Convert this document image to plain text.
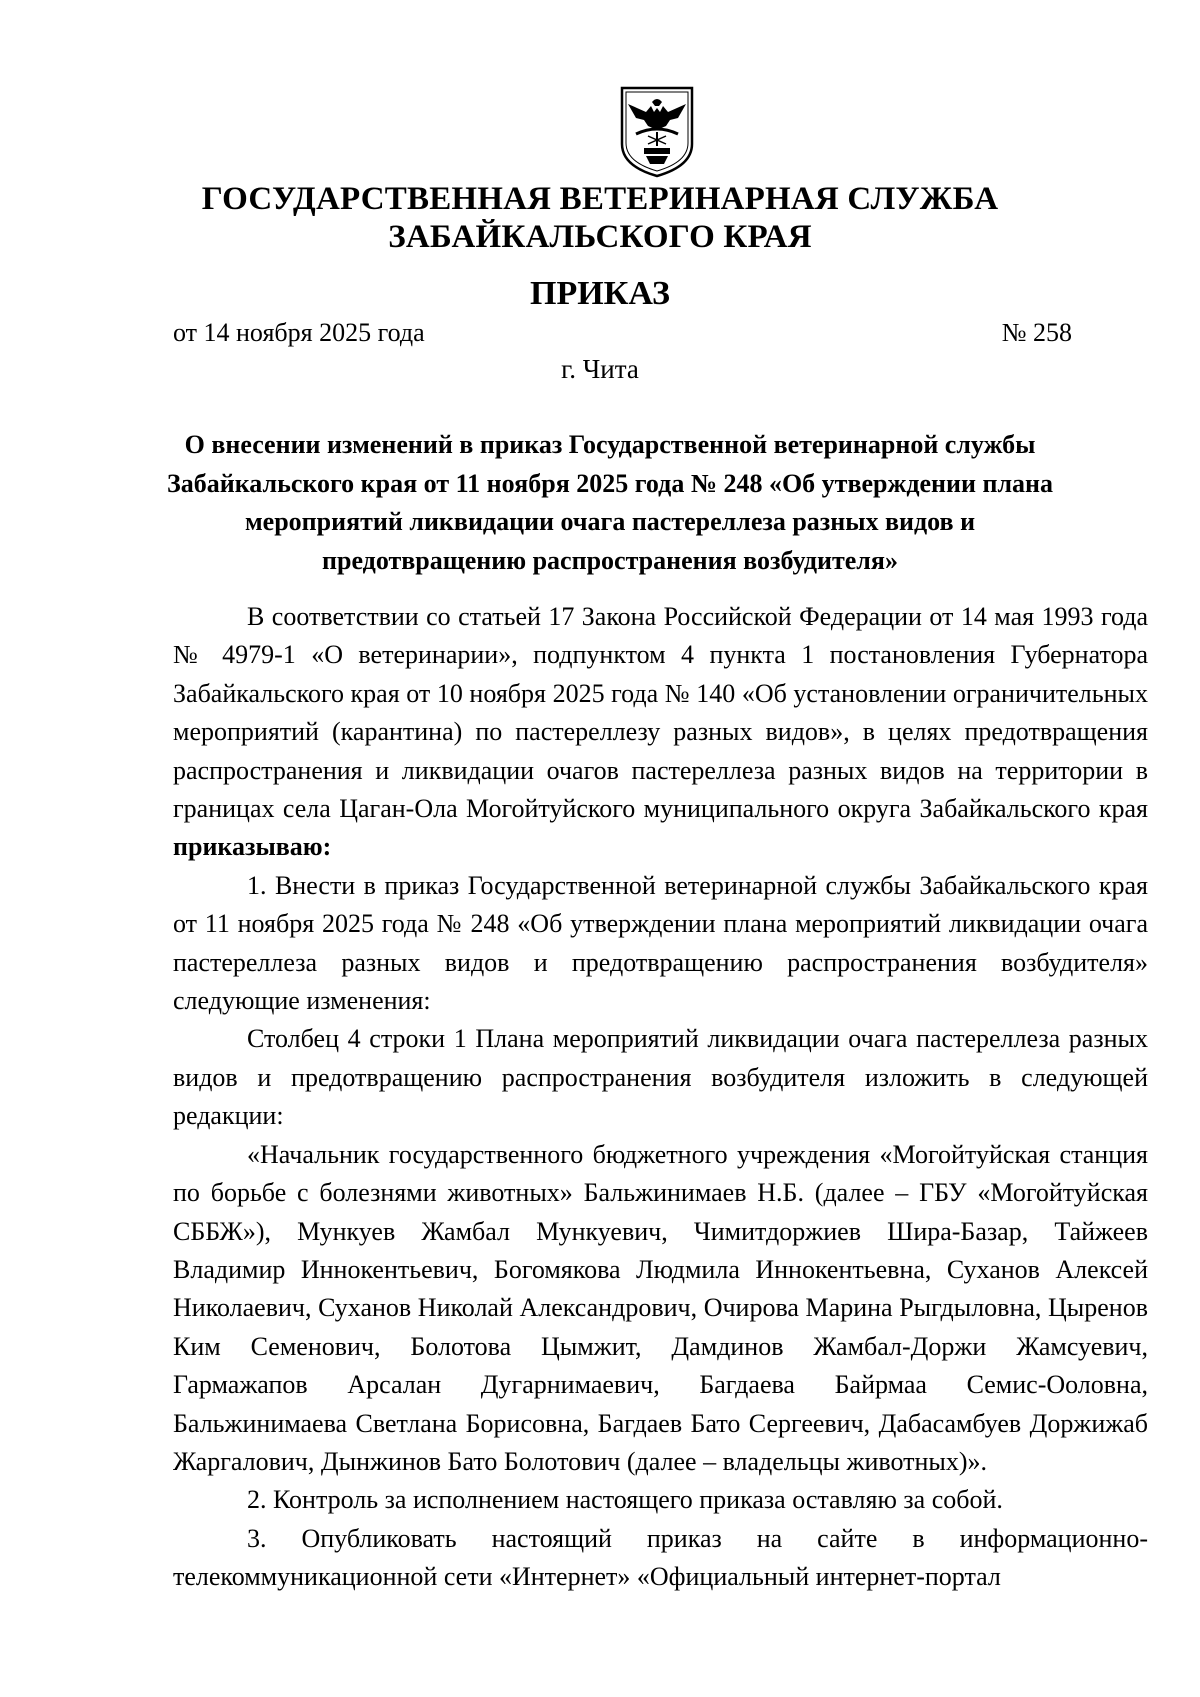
ГОСУДАРСТВЕННАЯ ВЕТЕРИНАРНАЯ СЛУЖБА
ЗАБАЙКАЛЬСКОГО КРАЯ
ПРИКАЗ
от 14 ноября 2025 года	№ 258
г. Чита
О внесении изменений в приказ Государственной ветеринарной службы Забайкальского края от 11 ноября 2025 года № 248 «Об утверждении плана мероприятий ликвидации очага пастереллеза разных видов и предотвращению распространения возбудителя»

В соответствии со статьей 17 Закона Российской Федерации от 14 мая 1993 года № 4979-1 «О ветеринарии», подпунктом 4 пункта 1 постановления Губернатора Забайкальского края от 10 ноября 2025 года № 140 «Об установлении ограничительных мероприятий (карантина) по пастереллезу разных видов», в целях предотвращения распространения и ликвидации очагов пастереллеза разных видов на территории в границах села Цаган-Ола Могойтуйского муниципального округа Забайкальского края приказываю:

1. Внести в приказ Государственной ветеринарной службы Забайкальского края от 11 ноября 2025 года № 248 «Об утверждении плана мероприятий ликвидации очага пастереллеза разных видов и предотвращению распространения возбудителя» следующие изменения:

Столбец 4 строки 1 Плана мероприятий ликвидации очага пастереллеза разных видов и предотвращению распространения возбудителя изложить в следующей редакции:

«Начальник государственного бюджетного учреждения «Могойтуйская станция по борьбе с болезнями животных» Бальжинимаев Н.Б. (далее – ГБУ «Могойтуйская СББЖ»), Мункуев Жамбал Мункуевич, Чимитдоржиев Шира-Базар, Тайжеев Владимир Иннокентьевич, Богомякова Людмила Иннокентьевна, Суханов Алексей Николаевич, Суханов Николай Александрович, Очирова Марина Рыгдыловна, Цыренов Ким Семенович, Болотова Цымжит, Дамдинов Жамбал-Доржи Жамсуевич, Гармажапов Арсалан Дугарнимаевич, Багдаева Байрмаа Семис-Ооловна, Бальжинимаева Светлана Борисовна, Багдаев Бато Сергеевич, Дабасамбуев Доржижаб Жаргалович, Дынжинов Бато Болотович (далее – владельцы животных)».

2. Контроль за исполнением настоящего приказа оставляю за собой.

3. Опубликовать настоящий приказ на сайте в информационно-телекоммуникационной сети «Интернет» «Официальный интернет-портал
